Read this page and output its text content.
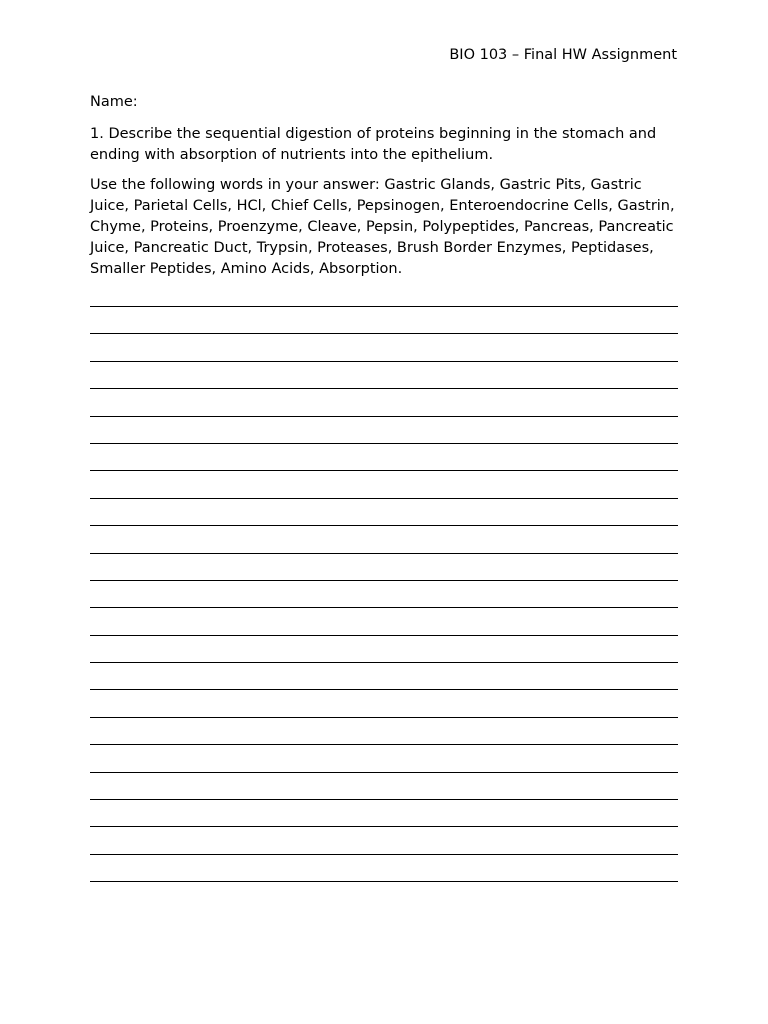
BIO 103 – Final HW Assignment

Name:

1. Describe the sequential digestion of proteins beginning in the stomach and ending with absorption of nutrients into the epithelium.

Use the following words in your answer: Gastric Glands, Gastric Pits, Gastric Juice, Parietal Cells, HCl, Chief Cells, Pepsinogen, Enteroendocrine Cells, Gastrin, Chyme, Proteins, Proenzyme, Cleave, Pepsin, Polypeptides, Pancreas, Pancreatic Juice, Pancreatic Duct, Trypsin, Proteases, Brush Border Enzymes, Peptidases, Smaller Peptides, Amino Acids, Absorption.
